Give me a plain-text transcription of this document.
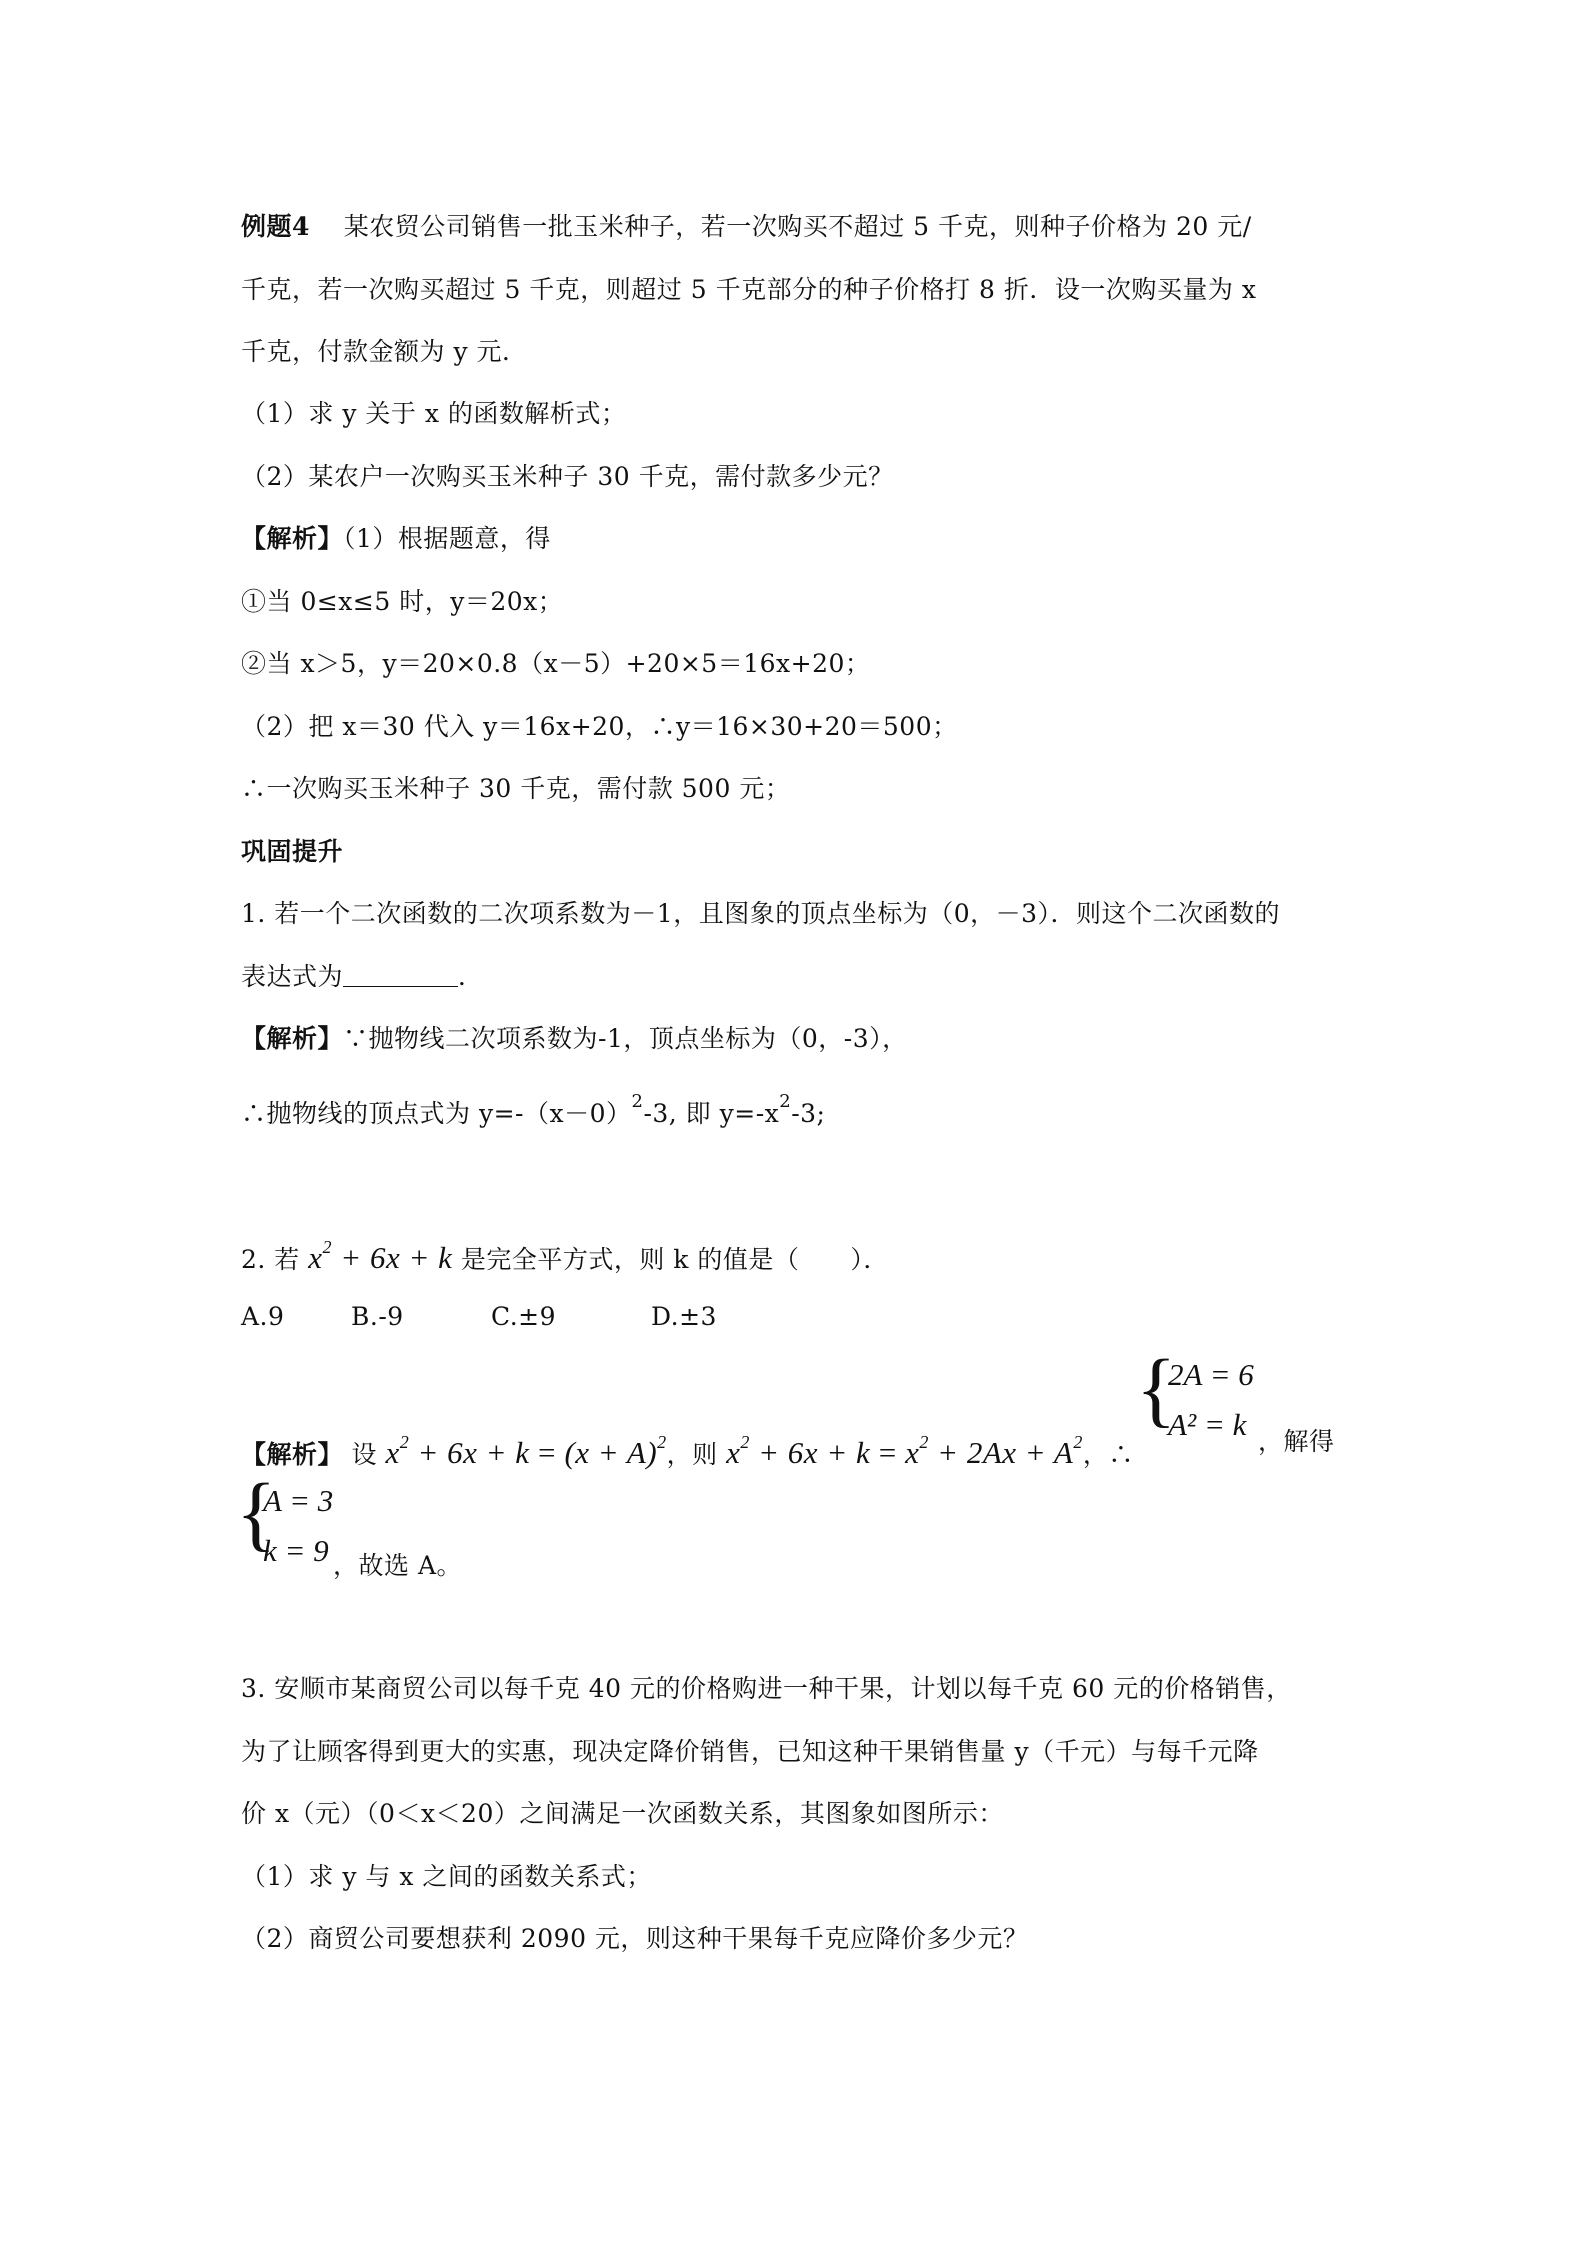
例题4 某农贸公司销售一批玉米种子，若一次购买不超过 5 千克，则种子价格为 20 元/
千克，若一次购买超过 5 千克，则超过 5 千克部分的种子价格打 8 折．设一次购买量为 x
千克，付款金额为 y 元．
（1）求 y 关于 x 的函数解析式；
（2）某农户一次购买玉米种子 30 千克，需付款多少元？
【解析】（1）根据题意，得
①当 0≤x≤5 时，y＝20x；
②当 x＞5，y＝20×0.8（x－5）+20×5＝16x+20；
（2）把 x＝30 代入 y＝16x+20，∴y＝16×30+20＝500；
∴一次购买玉米种子 30 千克，需付款 500 元；
巩固提升
1. 若一个二次函数的二次项系数为－1，且图象的顶点坐标为（0，－3）．则这个二次函数的
表达式为	．
【解析】∵抛物线二次项系数为-1，顶点坐标为（0，-3），
∴抛物线的顶点式为 $y=-(x-0)^2-3$, 即 $y=-x^2-3$;
2. 若 $x^2 + 6x + k$ 是完全平方式，则 k 的值是（　　）．
A.9	B.-9	C.±9	D.±3
【解析】 设 $x^2 + 6x + k = (x + A)^2$，则 $x^2 + 6x + k = x^2 + 2Ax + A^2$，∴
{
2A = 6
A² = k ，解得
{
A = 3
k = 9 ，故选 A。
3. 安顺市某商贸公司以每千克 40 元的价格购进一种干果，计划以每千克 60 元的价格销售，
为了让顾客得到更大的实惠，现决定降价销售，已知这种干果销售量 y（千元）与每千元降
价 x（元）（0＜x＜20）之间满足一次函数关系，其图象如图所示：
（1）求 y 与 x 之间的函数关系式；
（2）商贸公司要想获利 2090 元，则这种干果每千克应降价多少元？
